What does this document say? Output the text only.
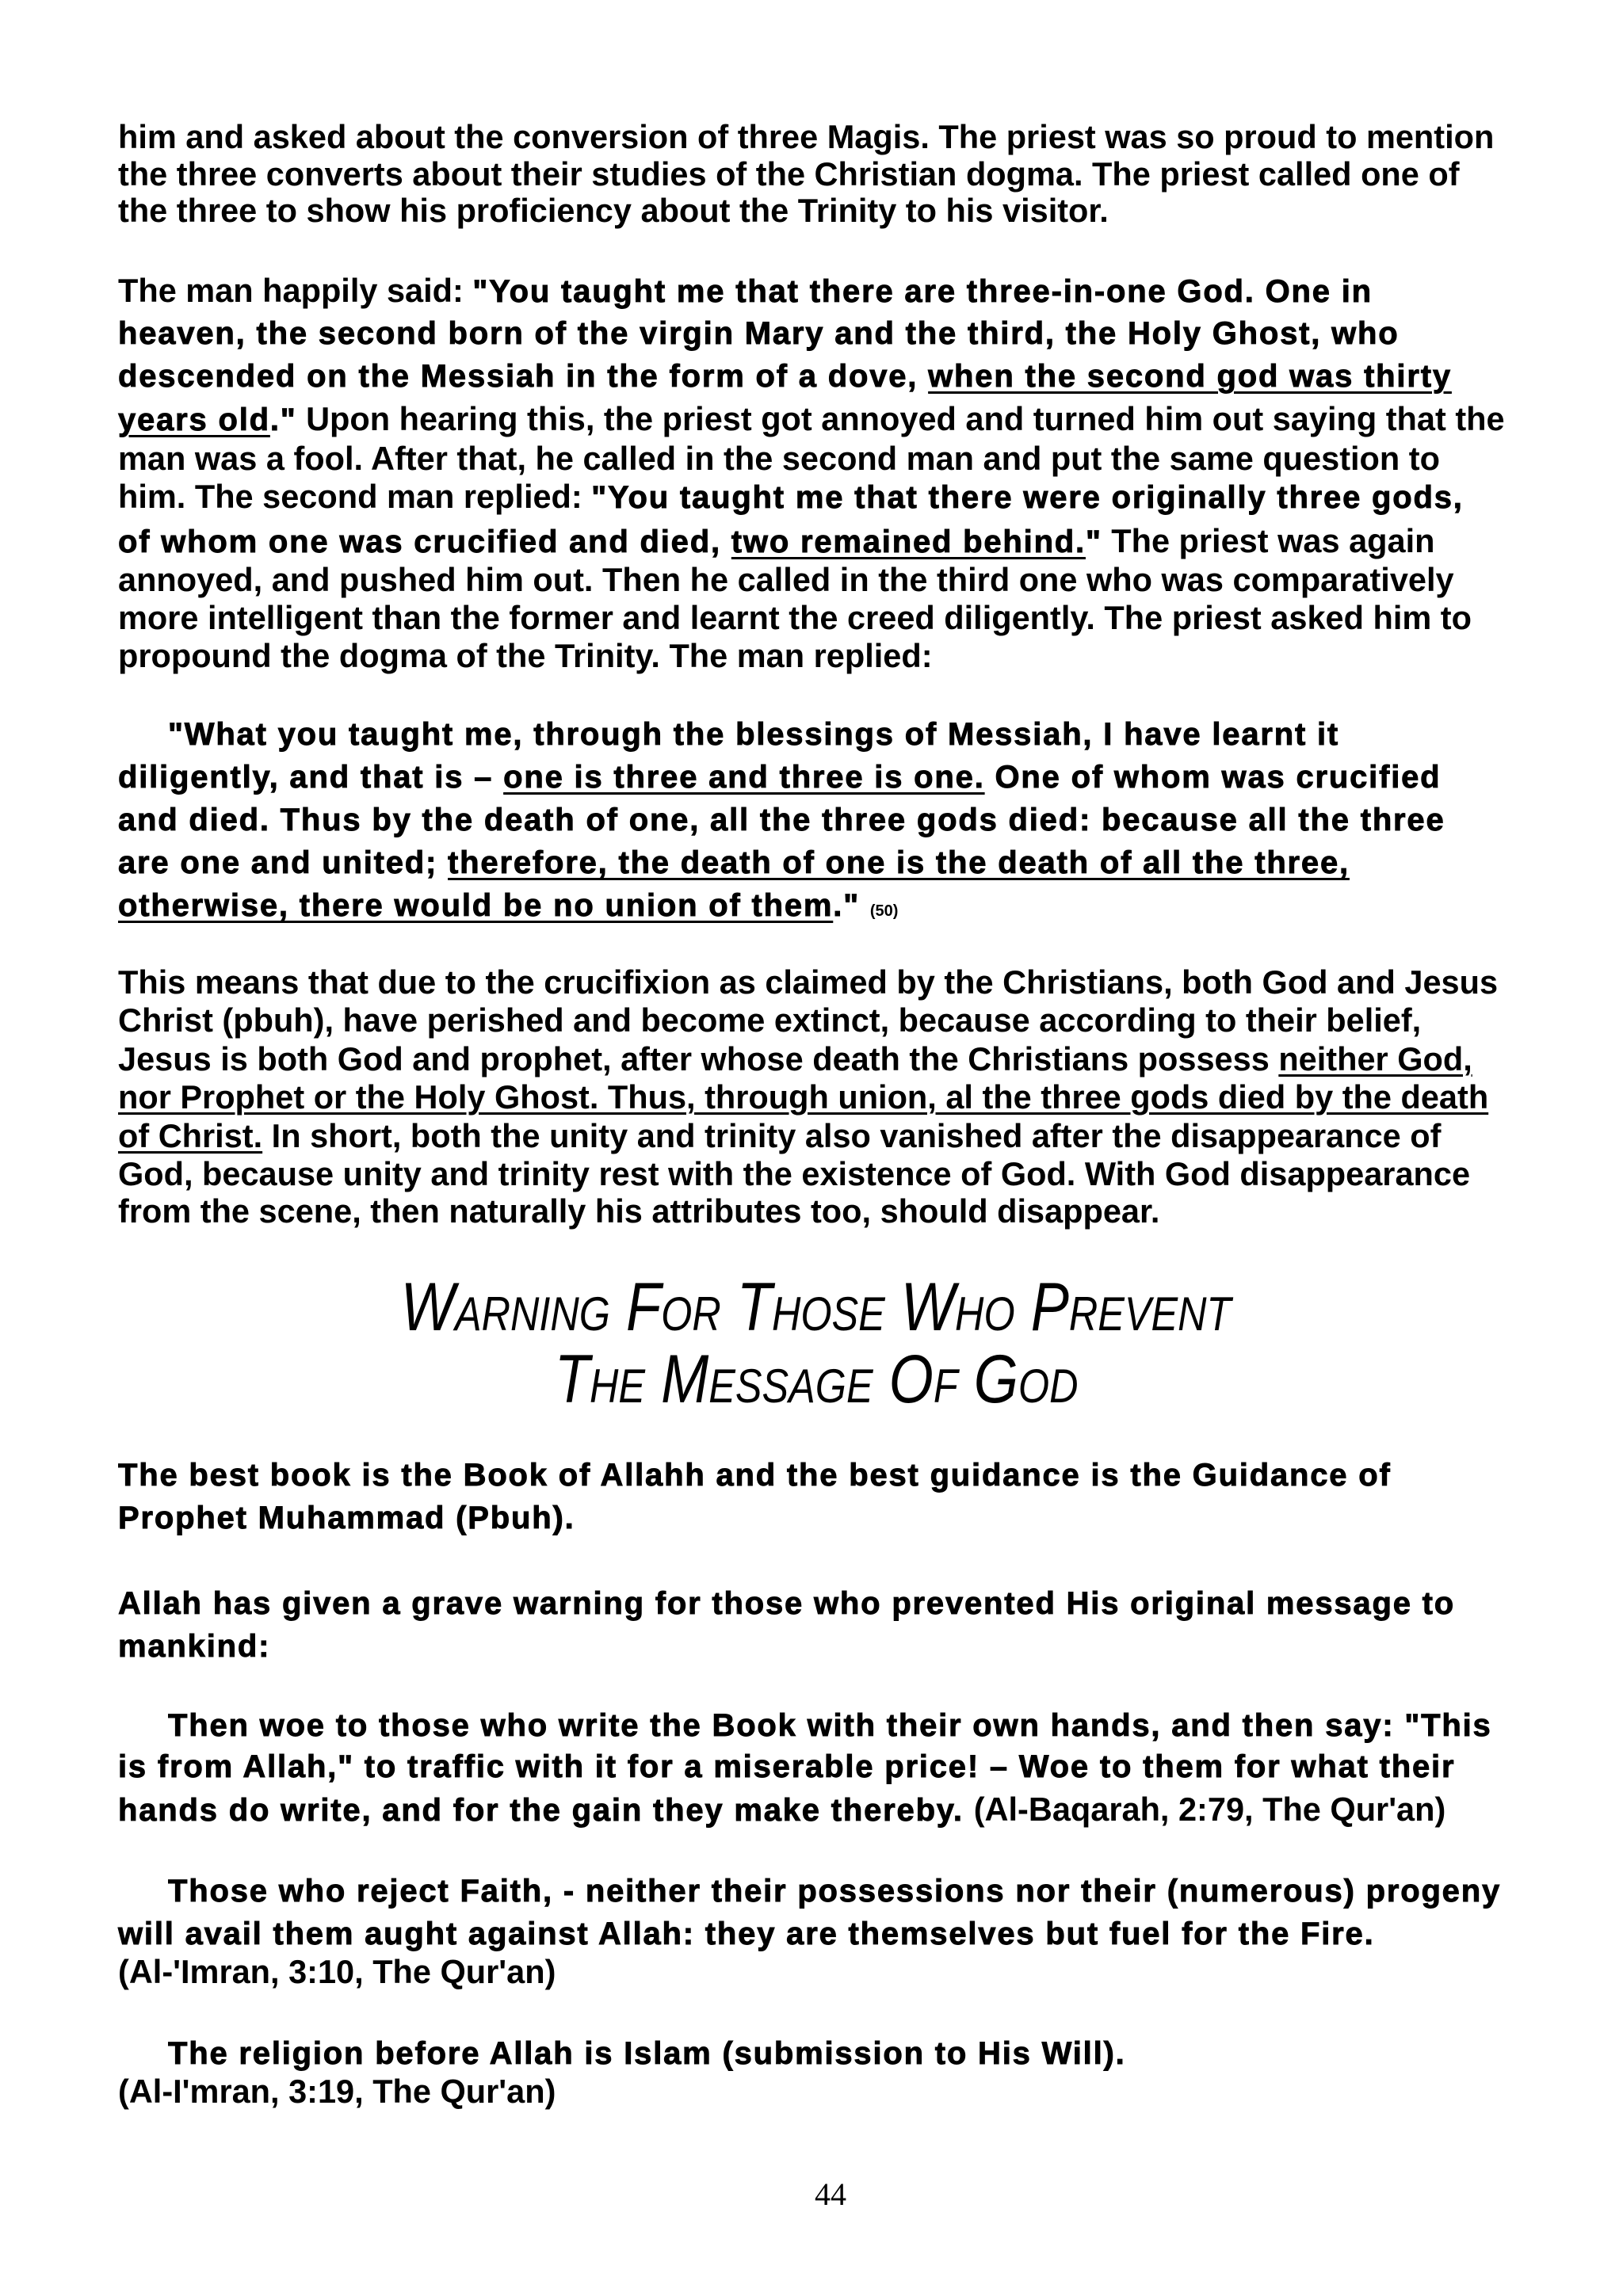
him and asked about the conversion of three Magis. The priest was so proud to mention
the three converts about their studies of the Christian dogma. The priest called one of
the three to show his proficiency about the Trinity to his visitor.
The man happily said: "You taught me that there are three-in-one God. One in
heaven, the second born of the virgin Mary and the third, the Holy Ghost, who
descended on the Messiah in the form of a dove, when the second god was thirty
years old." Upon hearing this, the priest got annoyed and turned him out saying that the
man was a fool. After that, he called in the second man and put the same question to
him. The second man replied: "You taught me that there were originally three gods,
of whom one was crucified and died, two remained behind." The priest was again
annoyed, and pushed him out. Then he called in the third one who was comparatively
more intelligent than the former and learnt the creed diligently. The priest asked him to
propound the dogma of the Trinity. The man replied:
"What you taught me, through the blessings of Messiah, I have learnt it
diligently, and that is – one is three and three is one. One of whom was crucified
and died. Thus by the death of one, all the three gods died: because all the three
are one and united; therefore, the death of one is the death of all the three,
otherwise, there would be no union of them." (50)
This means that due to the crucifixion as claimed by the Christians, both God and Jesus
Christ (pbuh), have perished and become extinct, because according to their belief,
Jesus is both God and prophet, after whose death the Christians possess neither God,
nor Prophet or the Holy Ghost. Thus, through union, al the three gods died by the death
of Christ. In short, both the unity and trinity also vanished after the disappearance of
God, because unity and trinity rest with the existence of God. With God disappearance
from the scene, then naturally his attributes too, should disappear.
Warning For Those Who Prevent
The Message Of God
The best book is the Book of Allahh and the best guidance is the Guidance of
Prophet Muhammad (Pbuh).
Allah has given a grave warning for those who prevented His original message to
mankind:
Then woe to those who write the Book with their own hands, and then say: "This
is from Allah," to traffic with it for a miserable price! – Woe to them for what their
hands do write, and for the gain they make thereby. (Al-Baqarah, 2:79, The Qur'an)
Those who reject Faith, - neither their possessions nor their (numerous) progeny
will avail them aught against Allah: they are themselves but fuel for the Fire.
(Al-'Imran, 3:10, The Qur'an)
The religion before Allah is Islam (submission to His Will).
(Al-I'mran, 3:19, The Qur'an)
44
